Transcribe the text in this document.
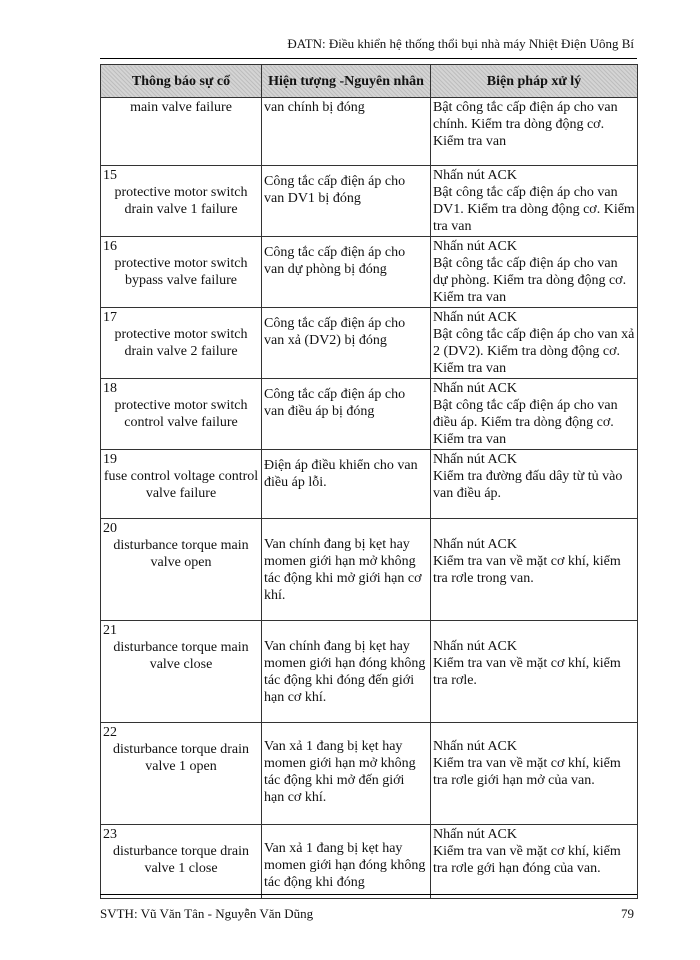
ĐATN: Điều khiển hệ thống thổi bụi nhà máy Nhiệt Điện Uông Bí
Thông báo sự cố	Hiện tượng -Nguyên nhân	Biện pháp xử lý

main valve failure	van chính bị đóng	Bật công tắc cấp điện áp cho van chính. Kiểm tra dòng động cơ. Kiểm tra van

15
protective motor switch drain valve 1 failure	Công tắc cấp điện áp cho van DV1 bị đóng	Nhấn nút ACK
Bật công tắc cấp điện áp cho van DV1. Kiểm tra dòng động cơ. Kiểm tra van

16
protective motor switch bypass valve failure	Công tắc cấp điện áp cho van dự phòng bị đóng	Nhấn nút ACK
Bật công tắc cấp điện áp cho van dự phòng. Kiểm tra dòng động cơ. Kiểm tra van

17
protective motor switch drain valve 2 failure	Công tắc cấp điện áp cho van xả (DV2) bị đóng	Nhấn nút ACK
Bật công tắc cấp điện áp cho van xả 2 (DV2). Kiểm tra dòng động cơ. Kiểm tra van

18
protective motor switch control valve failure	Công tắc cấp điện áp cho van điều áp bị đóng	Nhấn nút ACK
Bật công tắc cấp điện áp cho van điều áp. Kiểm tra dòng động cơ. Kiểm tra van

19
fuse control voltage control valve failure	Điện áp điều khiển cho van điều áp lỗi.	Nhấn nút ACK
Kiểm tra đường đấu dây từ tủ vào van điều áp.

20
disturbance torque main valve open	Van chính đang bị kẹt hay momen giới hạn mở không tác động khi mở giới hạn cơ khí.	Nhấn nút ACK
Kiểm tra van về mặt cơ khí, kiểm tra rơle trong van.

21
disturbance torque main valve close	Van chính đang bị kẹt hay momen giới hạn đóng không tác động khi đóng đến giới hạn cơ khí.	Nhấn nút ACK
Kiểm tra van về mặt cơ khí, kiểm tra rơle.

22
disturbance torque drain valve 1 open	Van xả 1 đang bị kẹt hay momen giới hạn mở không tác động khi mở đến giới hạn cơ khí.	Nhấn nút ACK
Kiểm tra van về mặt cơ khí, kiểm tra rơle giới hạn mở của van.

23
disturbance torque drain valve 1 close	Van xả 1 đang bị kẹt hay momen giới hạn đóng không tác động khi đóng	Nhấn nút ACK
Kiểm tra van về mặt cơ khí, kiểm tra rơle gới hạn đóng của van.
SVTH: Vũ Văn Tân - Nguyễn Văn Dũng	79
